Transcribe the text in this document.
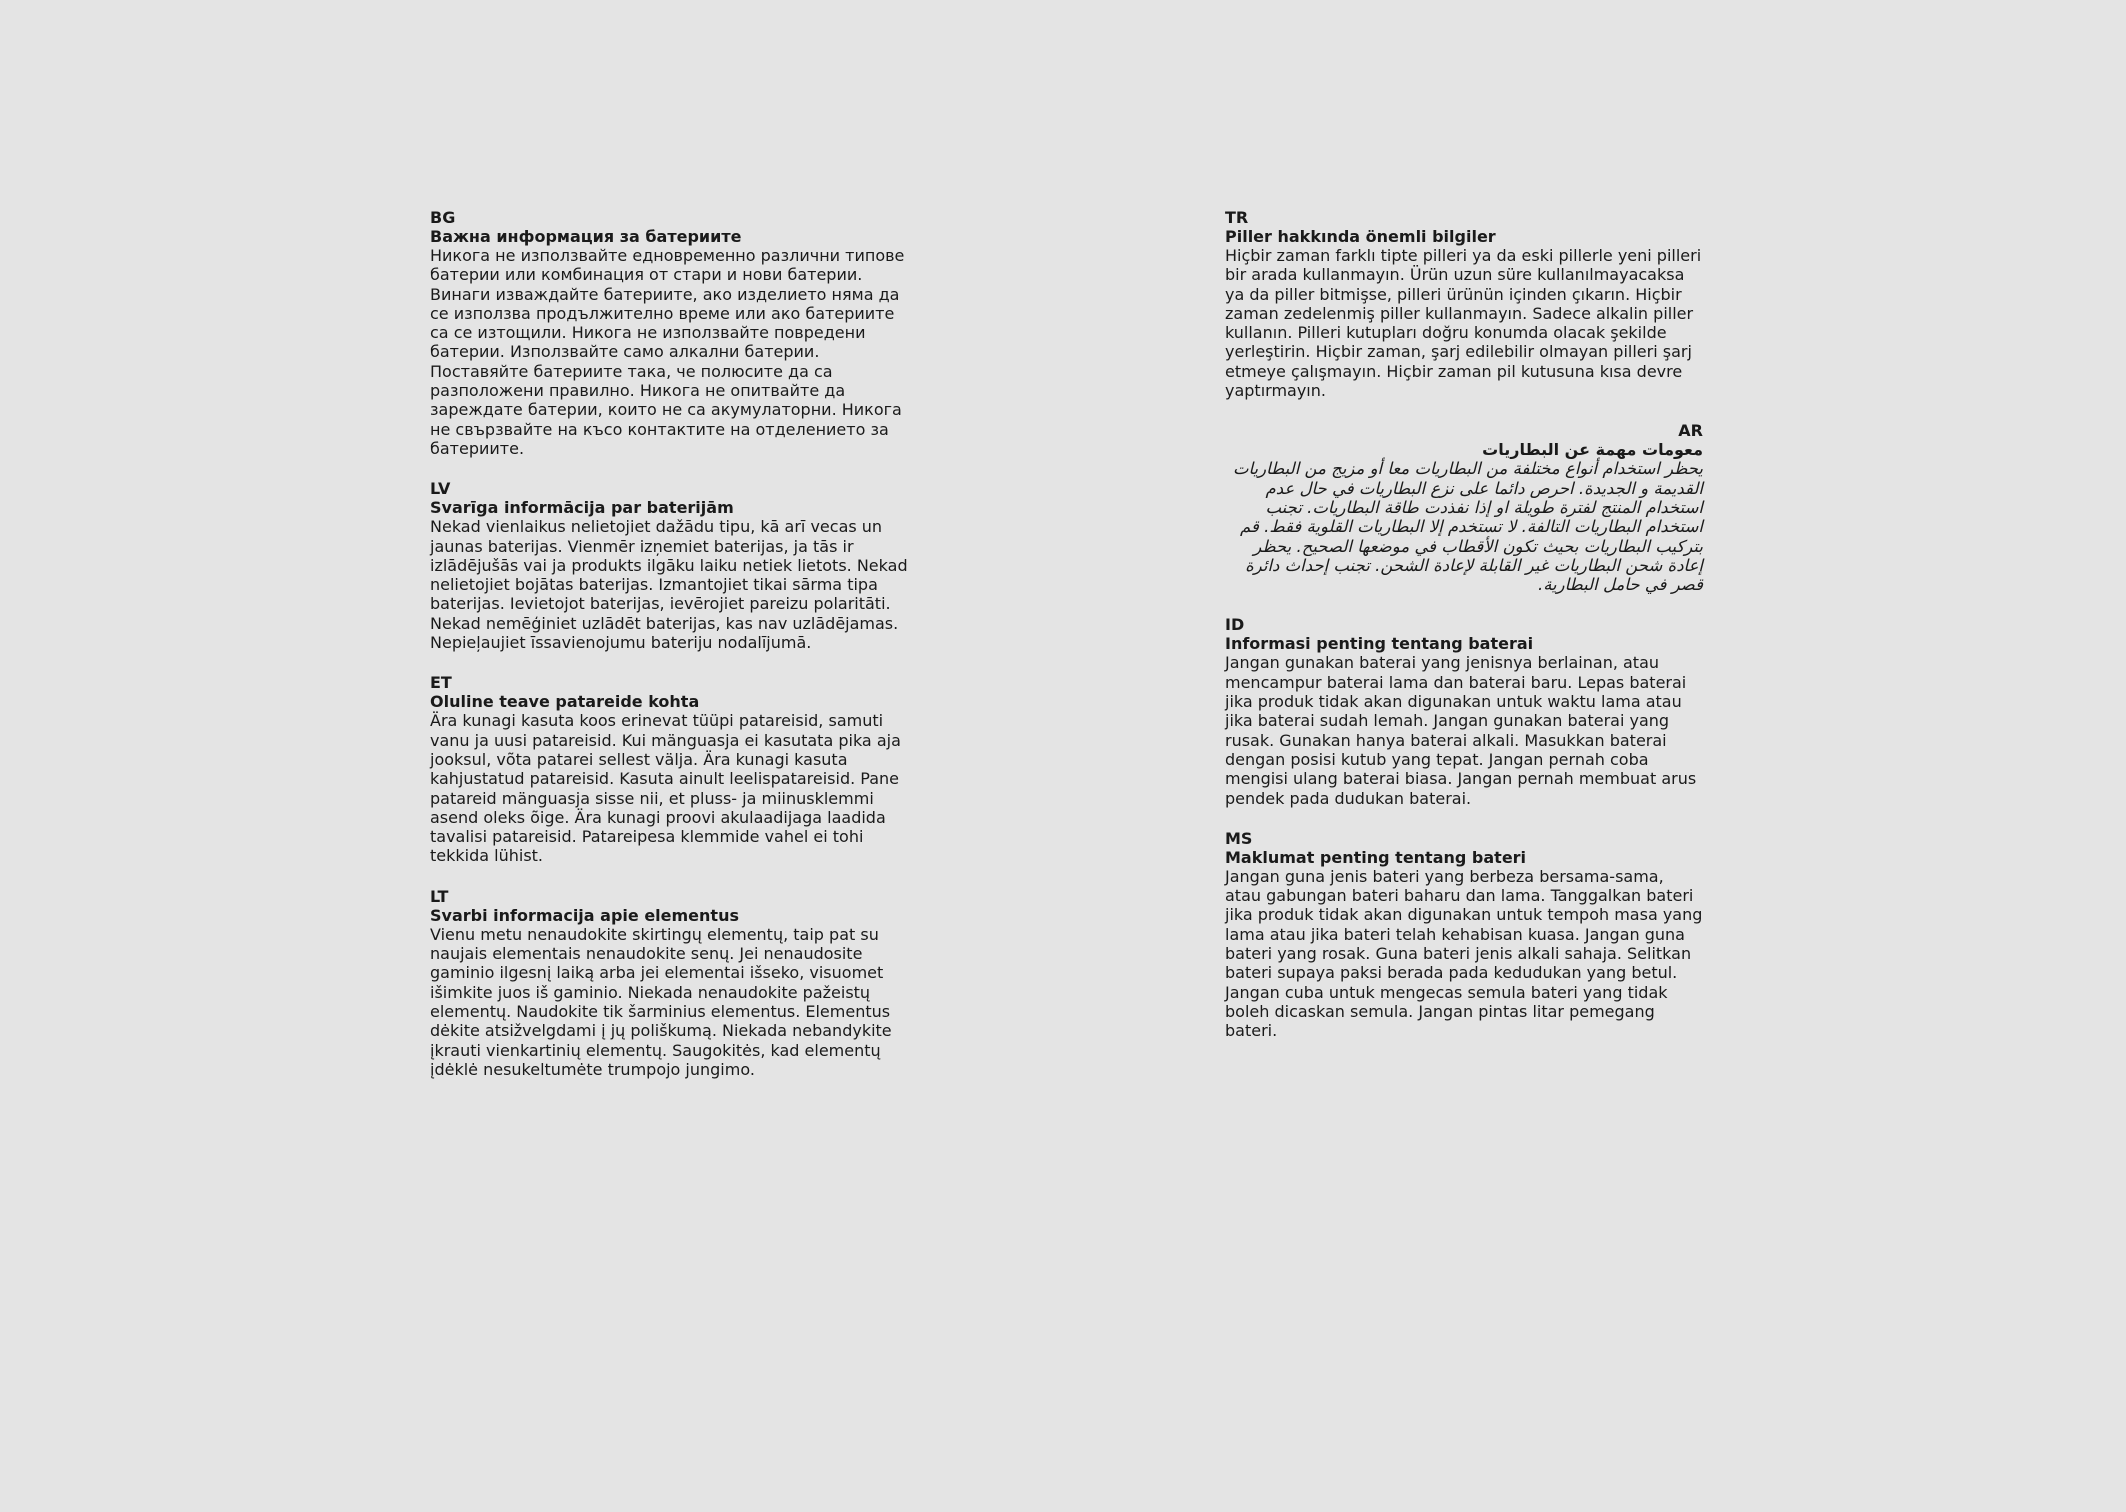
BG
Важна информация за батериите

Никога не използвайте едновременно различни типове батерии или комбинация от стари и нови батерии. Винаги изваждайте батериите, ако изделието няма да се използва продължително време или ако батериите са се изтощили. Никога не използвайте повредени батерии. Използвайте само алкални батерии. Поставяйте батериите така, че полюсите да са разположени правилно. Никога не опитвайте да зареждате батерии, които не са акумулаторни. Никога не свързвайте на късо контактите на отделението за батериите.

LV
Svarīga informācija par baterijām

Nekad vienlaikus nelietojiet dažādu tipu, kā arī vecas un jaunas baterijas. Vienmēr izņemiet baterijas, ja tās ir izlādējušās vai ja produkts ilgāku laiku netiek lietots. Nekad nelietojiet bojātas baterijas. Izmantojiet tikai sārma tipa baterijas. Ievietojot baterijas, ievērojiet pareizu polaritāti. Nekad nemēģiniet uzlādēt baterijas, kas nav uzlādējamas. Nepieļaujiet īssavienojumu bateriju nodalījumā.

ET
Oluline teave patareide kohta

Ära kunagi kasuta koos erinevat tüüpi patareisid, samuti vanu ja uusi patareisid. Kui mänguasja ei kasutata pika aja jooksul, võta patarei sellest välja. Ära kunagi kasuta kahjustatud patareisid. Kasuta ainult leelispatareisid. Pane patareid mänguasja sisse nii, et pluss- ja miinusklemmi asend oleks õige. Ära kunagi proovi akulaadijaga laadida tavalisi patareisid. Patareipesa klemmide vahel ei tohi tekkida lühist.

LT
Svarbi informacija apie elementus

Vienu metu nenaudokite skirtingų elementų, taip pat su naujais elementais nenaudokite senų. Jei nenaudosite gaminio ilgesnį laiką arba jei elementai išseko, visuomet išimkite juos iš gaminio. Niekada nenaudokite pažeistų elementų. Naudokite tik šarminius elementus. Elementus dėkite atsižvelgdami į jų poliškumą. Niekada nebandykite įkrauti vienkartinių elementų. Saugokitės, kad elementų įdėklė nesukeltumėte trumpojo jungimo.

TR
Piller hakkında önemli bilgiler

Hiçbir zaman farklı tipte pilleri ya da eski pillerle yeni pilleri bir arada kullanmayın. Ürün uzun süre kullanılmayacaksa ya da piller bitmişse, pilleri ürünün içinden çıkarın. Hiçbir zaman zedelenmiş piller kullanmayın. Sadece alkalin piller kullanın. Pilleri kutupları doğru konumda olacak şekilde yerleştirin. Hiçbir zaman, şarj edilebilir olmayan pilleri şarj etmeye çalışmayın. Hiçbir zaman pil kutusuna kısa devre yaptırmayın.

AR
معومات مهمة عن البطاريات

يحظر استخدام أنواع مختلفة من البطاريات معا أو مزيج من البطاريات القديمة و الجديدة. احرص دائما على نزع البطاريات في حال عدم استخدام المنتج لفترة طويلة او إذا نفذدت طاقة البطاريات. تجنب استخدام البطاريات التالفة. لا تستخدم إلا البطاريات القلوية فقط. قم بتركيب البطاريات بحيث تكون الأقطاب في موضعها الصحيح. يحظر إعادة شحن البطاريات غير القابلة لإعادة الشحن. تجنب إحداث دائرة قصر في حامل البطارية.

ID
Informasi penting tentang baterai

Jangan gunakan baterai yang jenisnya berlainan, atau mencampur baterai lama dan baterai baru. Lepas baterai jika produk tidak akan digunakan untuk waktu lama atau jika baterai sudah lemah. Jangan gunakan baterai yang rusak. Gunakan hanya baterai alkali. Masukkan baterai dengan posisi kutub yang tepat. Jangan pernah coba mengisi ulang baterai biasa. Jangan pernah membuat arus pendek pada dudukan baterai.

MS
Maklumat penting tentang bateri

Jangan guna jenis bateri yang berbeza bersama-sama, atau gabungan bateri baharu dan lama. Tanggalkan bateri jika produk tidak akan digunakan untuk tempoh masa yang lama atau jika bateri telah kehabisan kuasa. Jangan guna bateri yang rosak. Guna bateri jenis alkali sahaja. Selitkan bateri supaya paksi berada pada kedudukan yang betul. Jangan cuba untuk mengecas semula bateri yang tidak boleh dicaskan semula. Jangan pintas litar pemegang bateri.
